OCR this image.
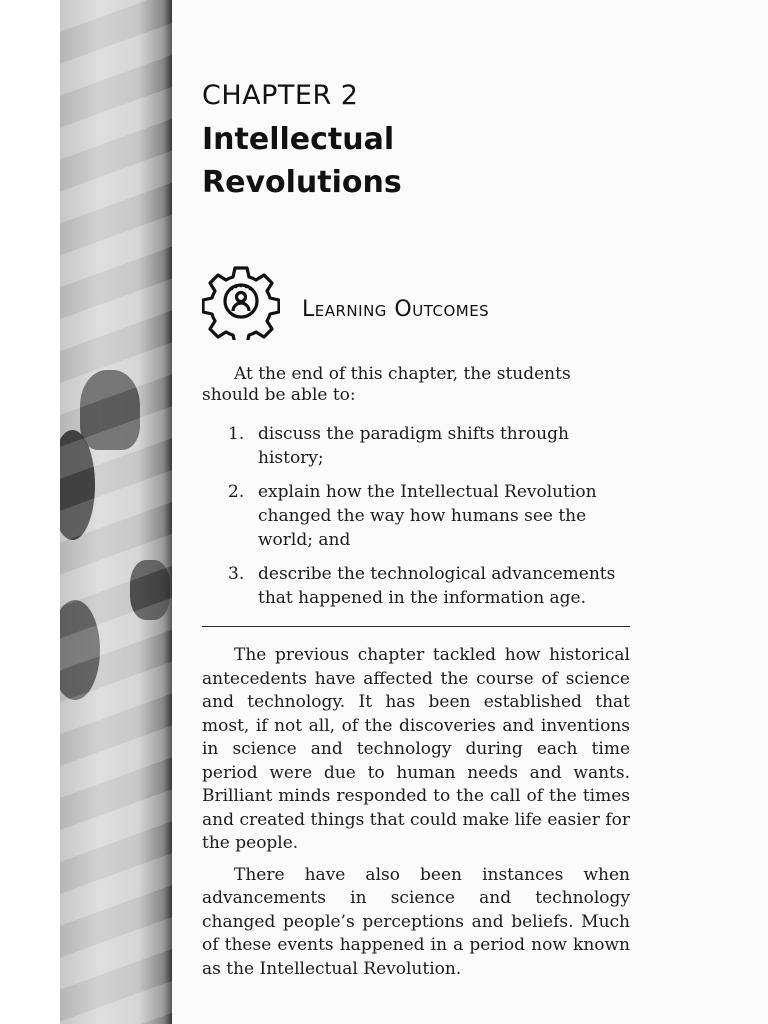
CHAPTER 2
Intellectual Revolutions
Learning Outcomes
At the end of this chapter, the students should be able to:
1. discuss the paradigm shifts through history;
2. explain how the Intellectual Revolution changed the way how humans see the world; and
3. describe the technological advancements that happened in the information age.

The previous chapter tackled how historical antecedents have affected the course of science and technology. It has been established that most, if not all, of the discoveries and inventions in science and technology during each time period were due to human needs and wants. Brilliant minds responded to the call of the times and created things that could make life easier for the people.

There have also been instances when advancements in science and technology changed people’s perceptions and beliefs. Much of these events happened in a period now known as the Intellectual Revolution.
